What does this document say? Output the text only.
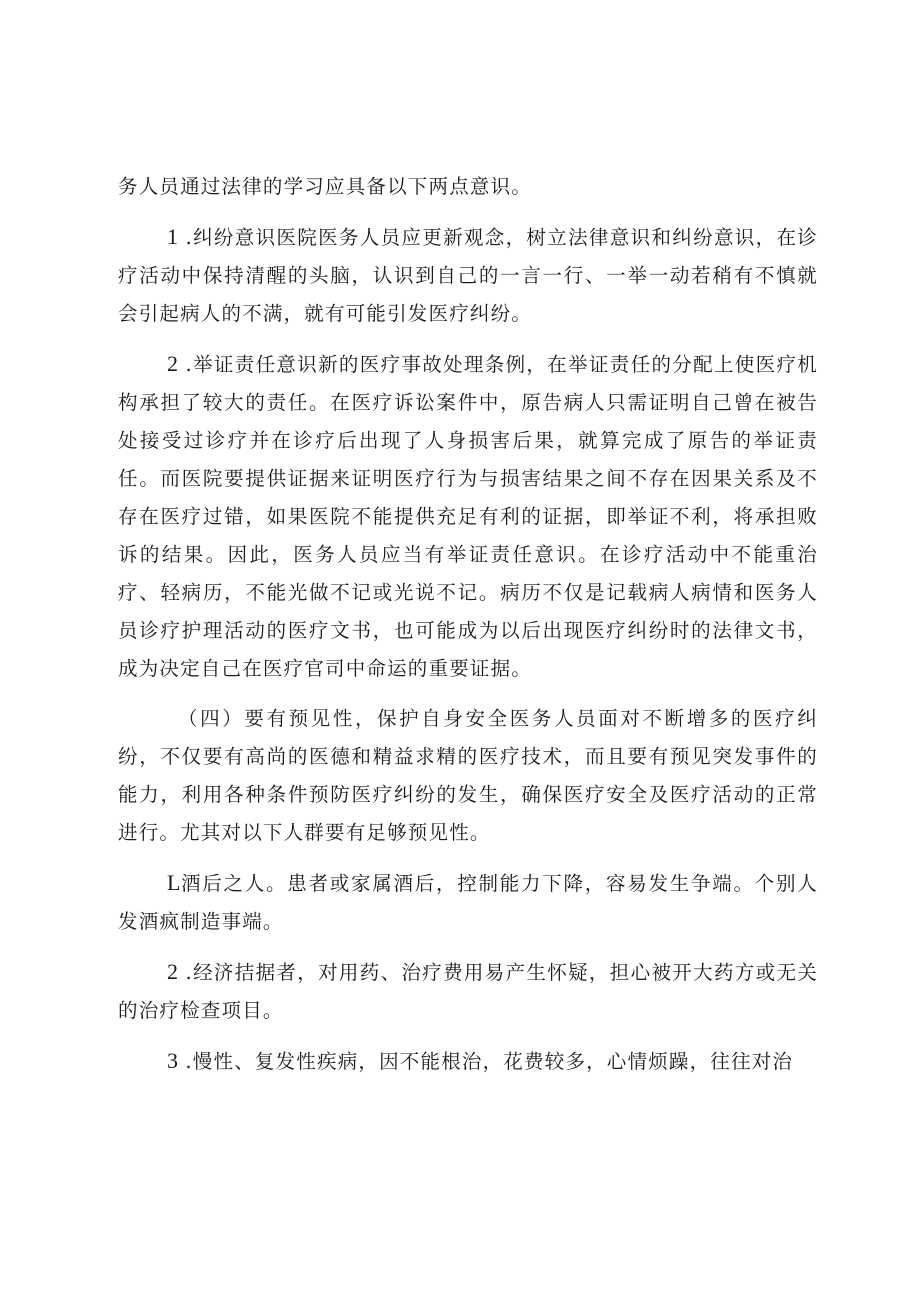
务人员通过法律的学习应具备以下两点意识。

1 .纠纷意识医院医务人员应更新观念，树立法律意识和纠纷意识，在诊疗活动中保持清醒的头脑，认识到自己的一言一行、一举一动若稍有不慎就会引起病人的不满，就有可能引发医疗纠纷。

2 .举证责任意识新的医疗事故处理条例，在举证责任的分配上使医疗机构承担了较大的责任。在医疗诉讼案件中，原告病人只需证明自己曾在被告处接受过诊疗并在诊疗后出现了人身损害后果，就算完成了原告的举证责任。而医院要提供证据来证明医疗行为与损害结果之间不存在因果关系及不存在医疗过错，如果医院不能提供充足有利的证据，即举证不利，将承担败诉的结果。因此，医务人员应当有举证责任意识。在诊疗活动中不能重治疗、轻病历，不能光做不记或光说不记。病历不仅是记载病人病情和医务人员诊疗护理活动的医疗文书，也可能成为以后出现医疗纠纷时的法律文书，成为决定自己在医疗官司中命运的重要证据。

（四）要有预见性，保护自身安全医务人员面对不断增多的医疗纠纷，不仅要有高尚的医德和精益求精的医疗技术，而且要有预见突发事件的能力，利用各种条件预防医疗纠纷的发生，确保医疗安全及医疗活动的正常进行。尤其对以下人群要有足够预见性。

L酒后之人。患者或家属酒后，控制能力下降，容易发生争端。个别人发酒疯制造事端。

2 .经济拮据者，对用药、治疗费用易产生怀疑，担心被开大药方或无关的治疗检查项目。

3 .慢性、复发性疾病，因不能根治，花费较多，心情烦躁，往往对治
